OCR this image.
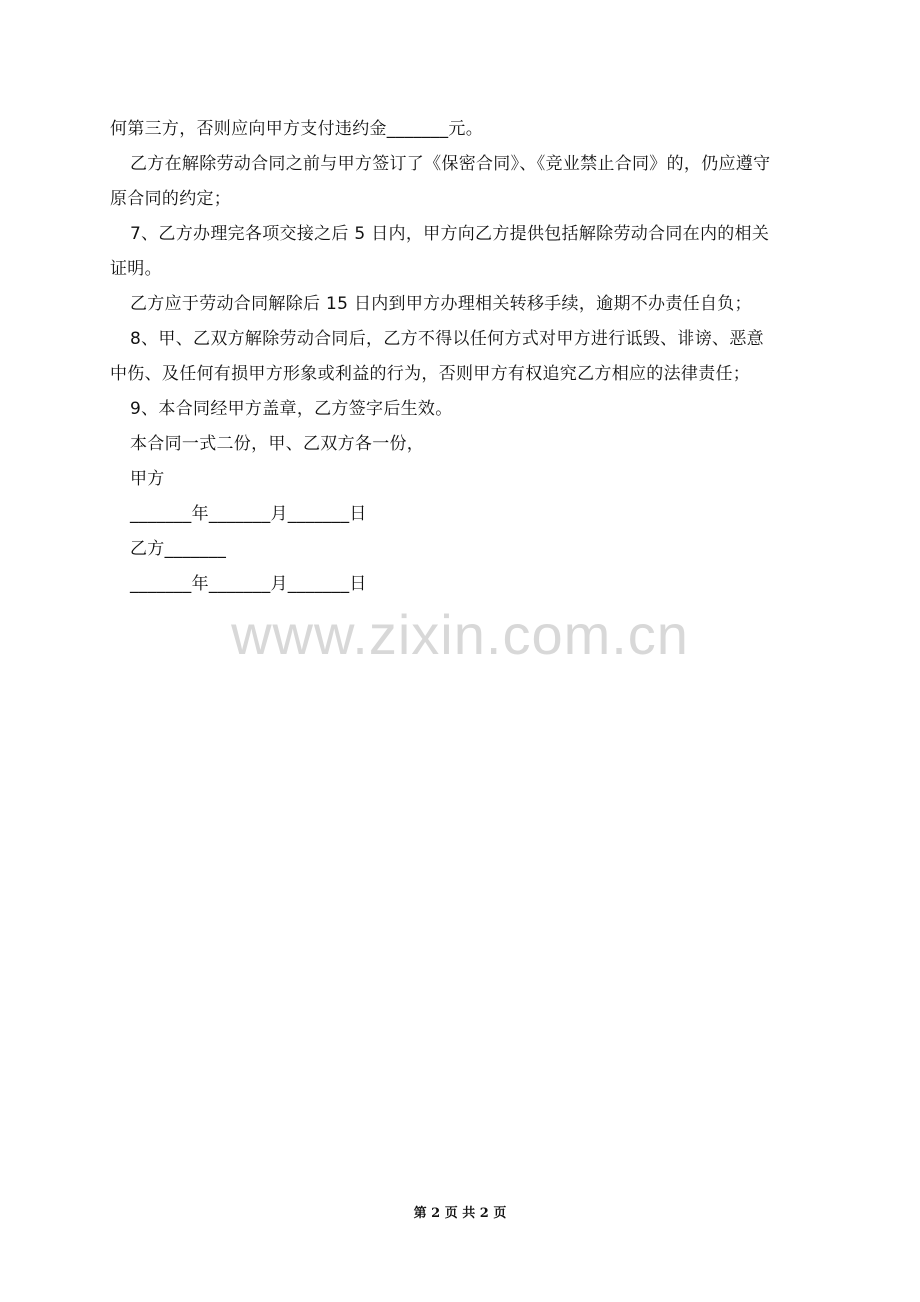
何第三方，否则应向甲方支付违约金_______元。
乙方在解除劳动合同之前与甲方签订了《保密合同》、《竞业禁止合同》的，仍应遵守
原合同的约定；
7、乙方办理完各项交接之后 5 日内，甲方向乙方提供包括解除劳动合同在内的相关
证明。
乙方应于劳动合同解除后 15 日内到甲方办理相关转移手续，逾期不办责任自负；
8、甲、乙双方解除劳动合同后，乙方不得以任何方式对甲方进行诋毁、诽谤、恶意
中伤、及任何有损甲方形象或利益的行为，否则甲方有权追究乙方相应的法律责任；
9、本合同经甲方盖章，乙方签字后生效。
本合同一式二份，甲、乙双方各一份，
甲方
_______年_______月_______日
乙方_______
_______年_______月_______日
www.zixin.com.cn
第 2 页 共 2 页
